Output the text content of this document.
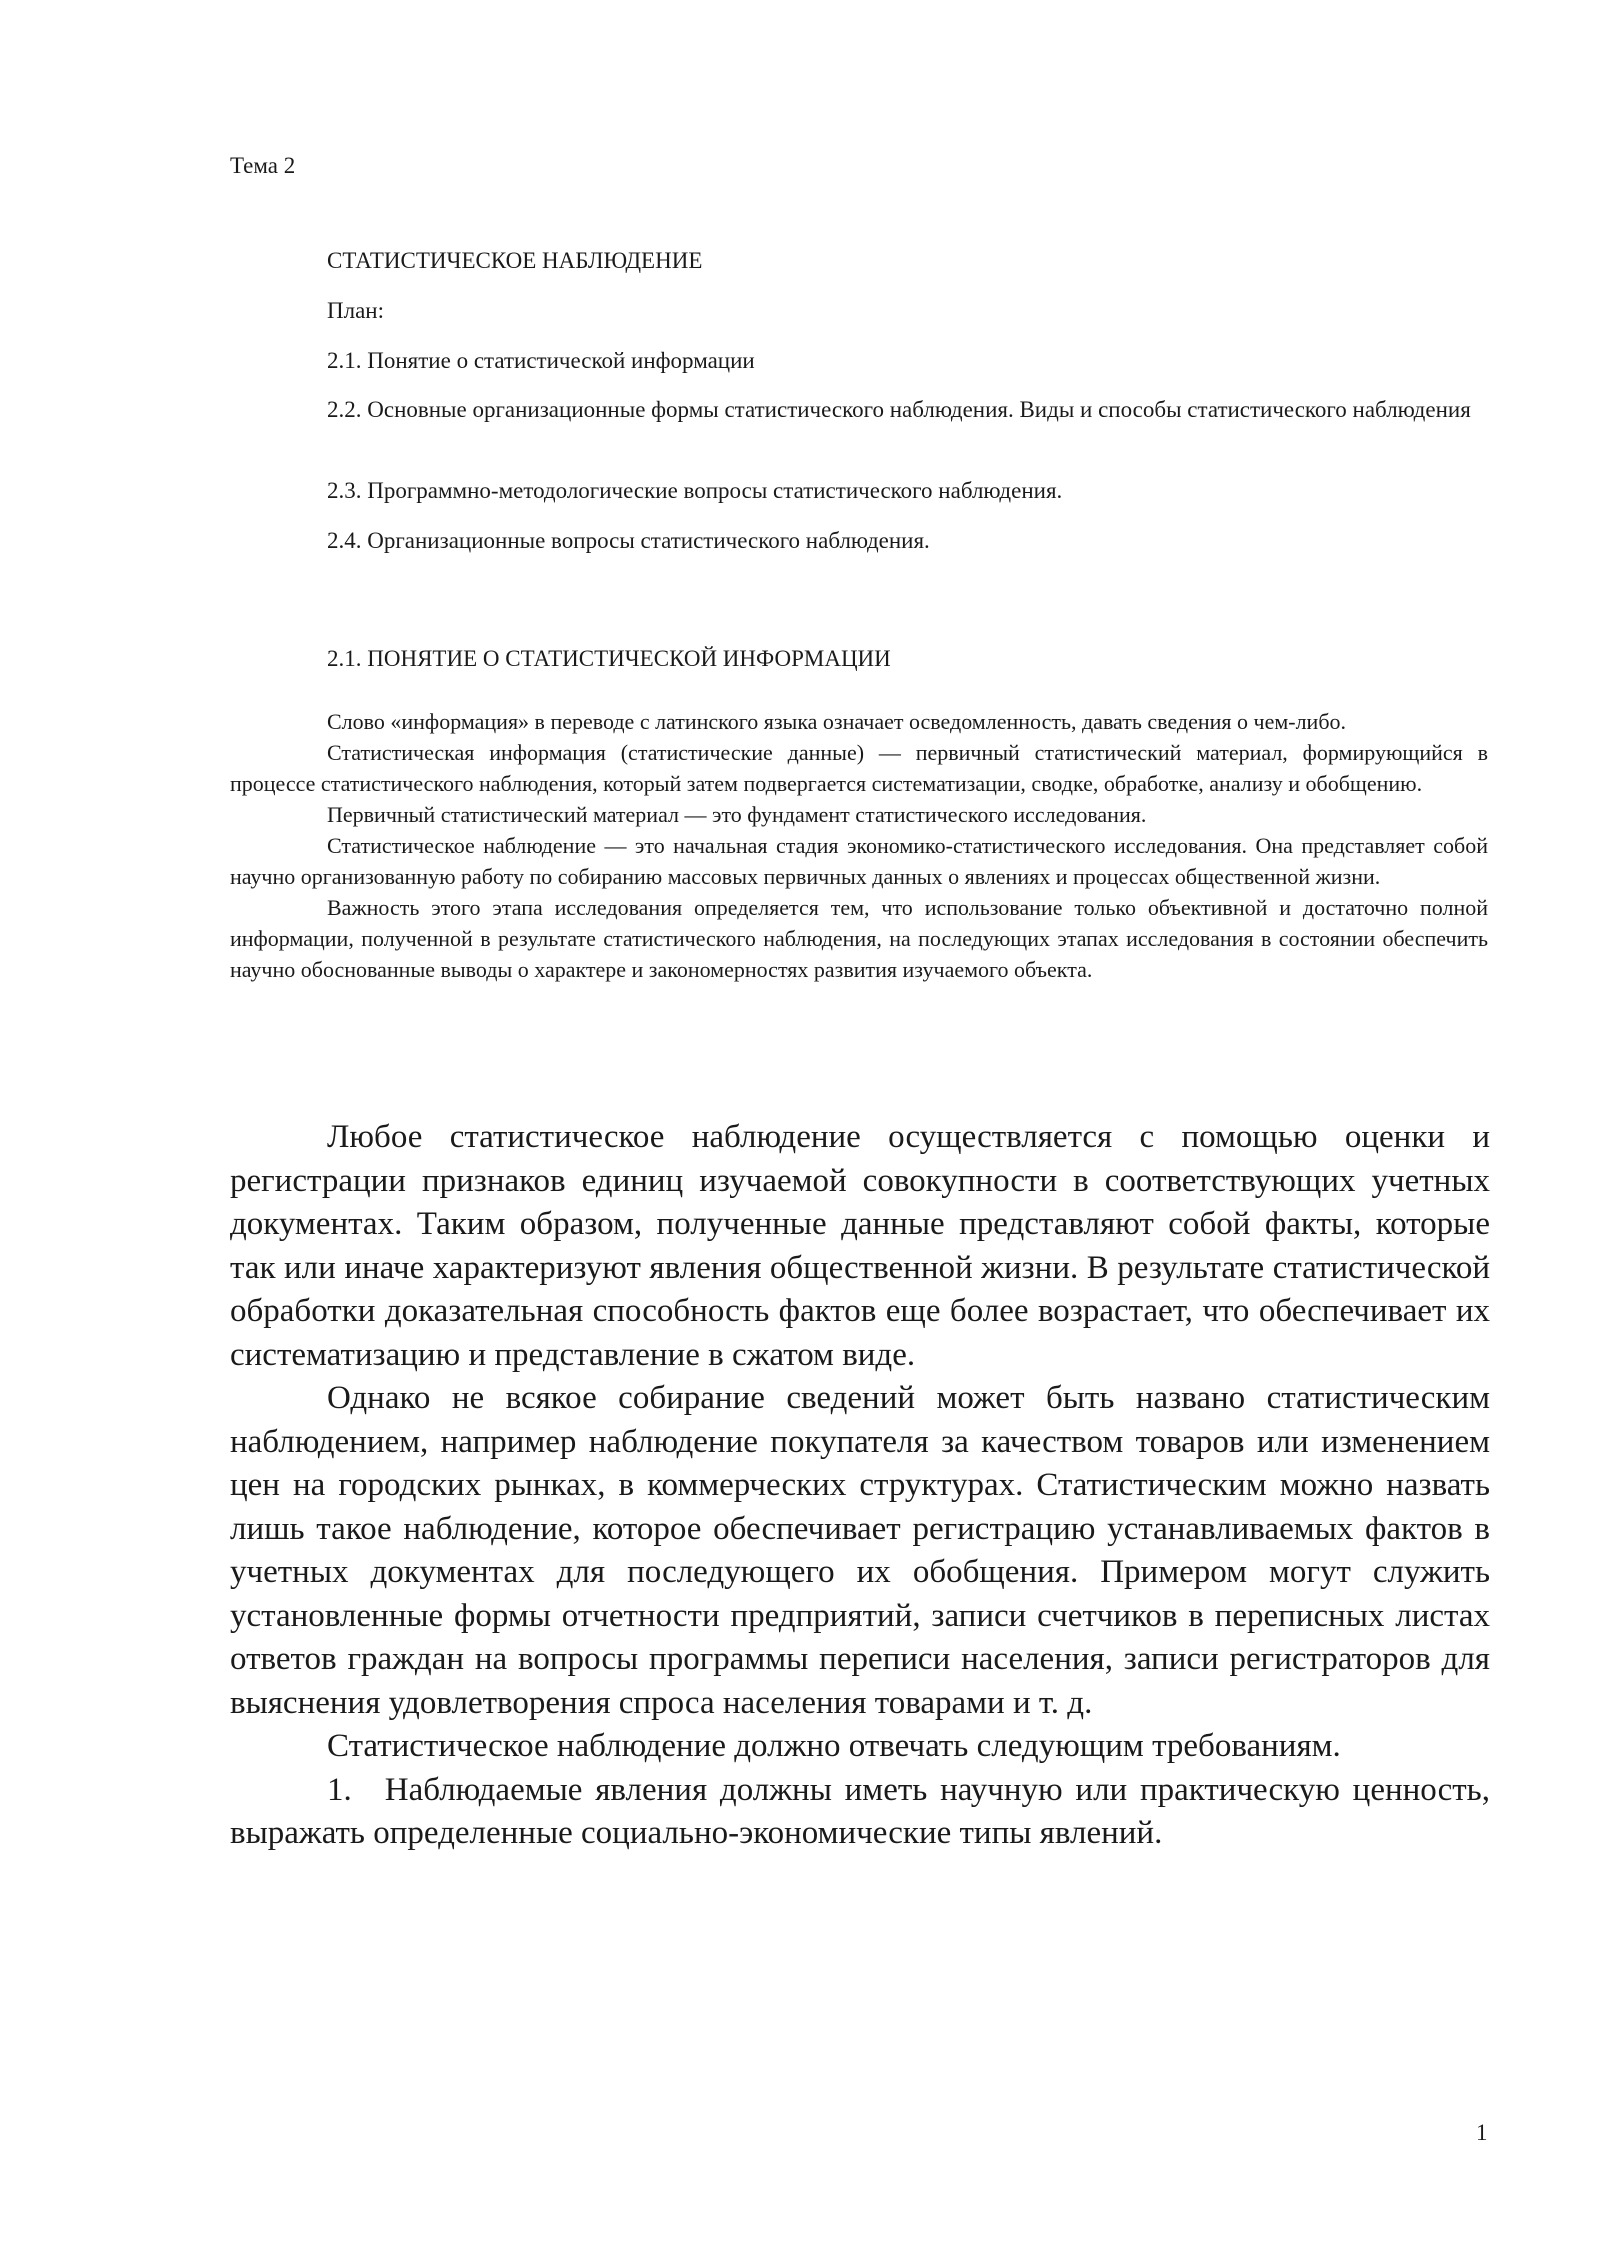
Тема 2
СТАТИСТИЧЕСКОЕ НАБЛЮДЕНИЕ
План:
2.1. Понятие о статистической информации
2.2. Основные организационные формы статистического наблюдения. Виды и способы статистического наблюдения
2.3. Программно-методологические вопросы статистического наблюдения.
2.4. Организационные вопросы статистического наблюдения.
2.1. ПОНЯТИЕ О СТАТИСТИЧЕСКОЙ ИНФОРМАЦИИ

Слово «информация» в переводе с латинского языка означает осведомленность, давать сведения о чем-либо.

Статистическая информация (статистические данные) — первичный статистический материал, формирующийся в процессе статистического наблюдения, который затем подвергается систематизации, сводке, обработке, анализу и обобщению.

Первичный статистический материал — это фундамент статистического исследования.

Статистическое наблюдение — это начальная стадия экономико-статистического исследования. Она представляет собой научно организованную работу по собиранию массовых первичных данных о явлениях и процессах общественной жизни.

Важность этого этапа исследования определяется тем, что использование только объективной и достаточно полной информации, полученной в результате статистического наблюдения, на последующих этапах исследования в состоянии обеспечить научно обоснованные выводы о характере и закономерностях развития изучаемого объекта.

Любое статистическое наблюдение осуществляется с помощью оценки и регистрации признаков единиц изучаемой совокупности в соответствующих учетных документах. Таким образом, полученные данные представляют собой факты, которые так или иначе характеризуют явления общественной жизни. В результате статистической обработки доказательная способность фактов еще более возрастает, что обеспечивает их систематизацию и представление в сжатом виде.

Однако не всякое собирание сведений может быть названо статистическим наблюдением, например наблюдение покупателя за качеством товаров или изменением цен на городских рынках, в коммерческих структурах. Статистическим можно назвать лишь такое наблюдение, которое обеспечивает регистрацию устанавливаемых фактов в учетных документах для последующего их обобщения. Примером могут служить установленные формы отчетности предприятий, записи счетчиков в переписных листах ответов граждан на вопросы программы переписи населения, записи регистраторов для выяснения удовлетворения спроса населения товарами и т. д.

Статистическое наблюдение должно отвечать следующим требованиям.

1. Наблюдаемые явления должны иметь научную или практическую ценность, выражать определенные социально-экономические типы явлений.

1
